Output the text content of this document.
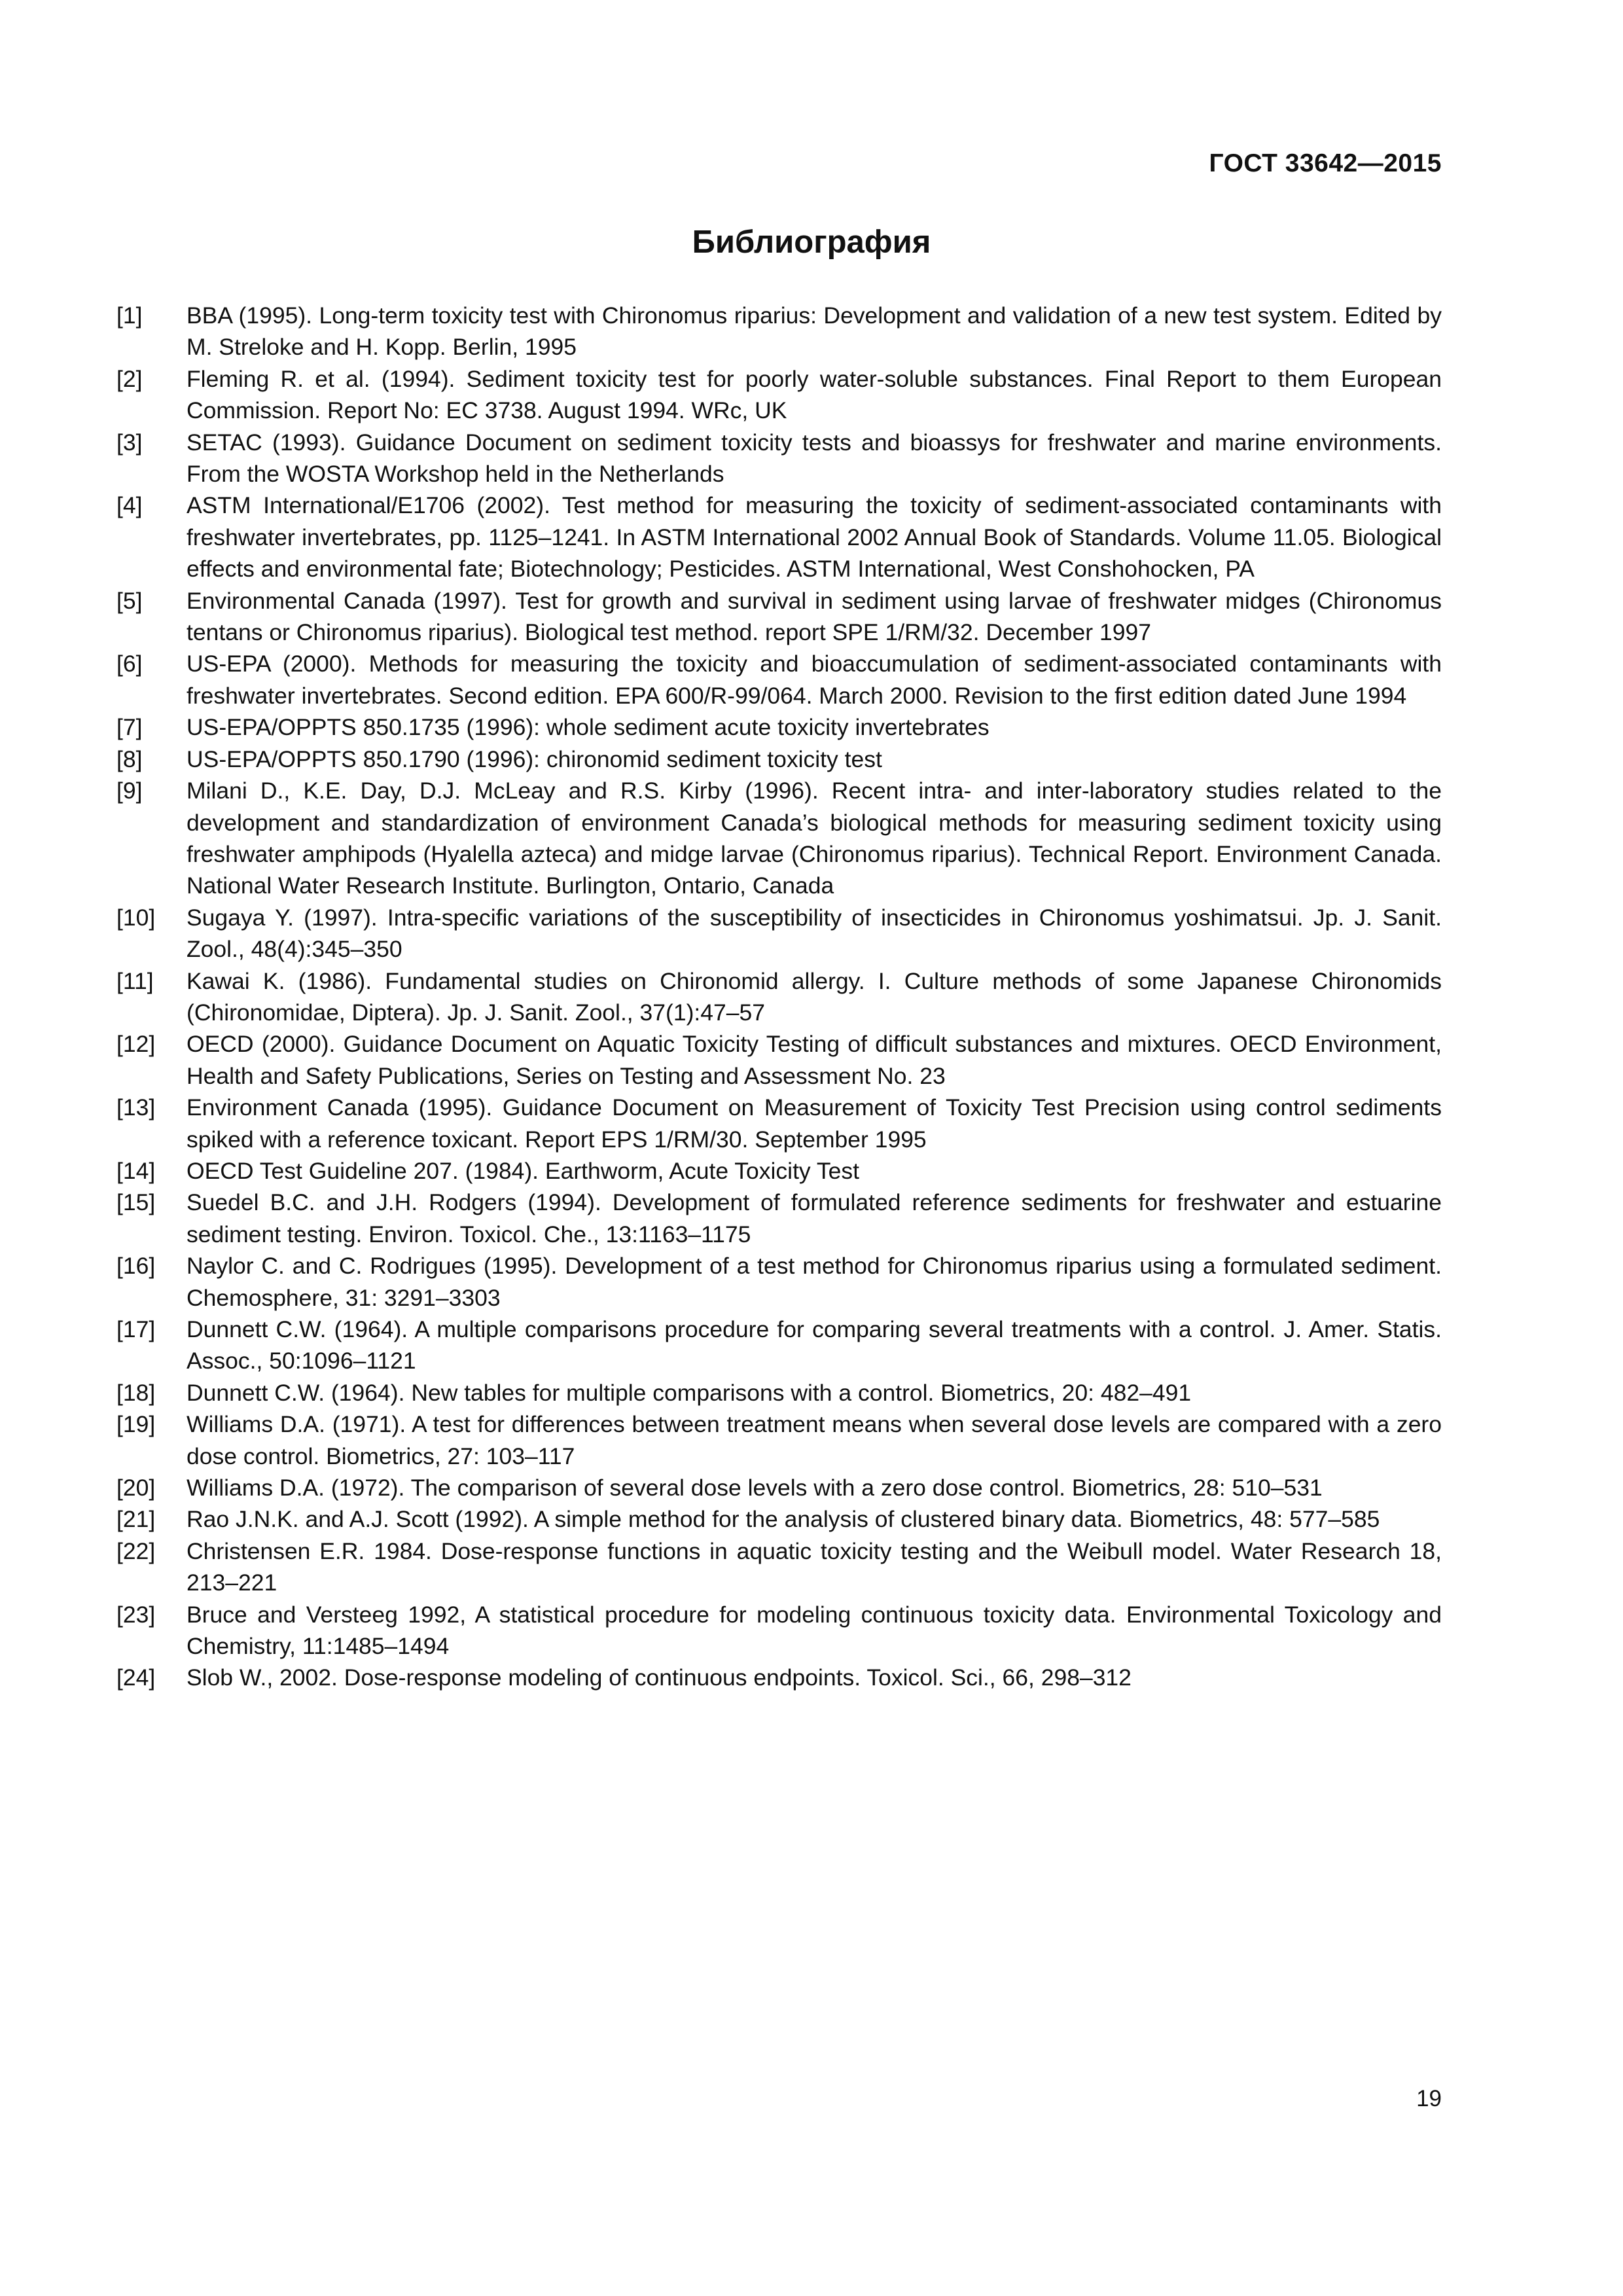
ГОСТ 33642—2015
Библиография
[1] BBA (1995). Long-term toxicity test with Chironomus riparius: Development and validation of a new test system. Edited by M. Streloke and H. Kopp. Berlin, 1995
[2] Fleming R. et al. (1994). Sediment toxicity test for poorly water-soluble substances. Final Report to them European Commission. Report No: EC 3738. August 1994. WRc, UK
[3] SETAC (1993). Guidance Document on sediment toxicity tests and bioassys for freshwater and marine environments. From the WOSTA Workshop held in the Netherlands
[4] ASTM International/E1706 (2002). Test method for measuring the toxicity of sediment-associated contaminants with freshwater invertebrates, pp. 1125–1241. In ASTM International 2002 Annual Book of Standards. Volume 11.05. Biological effects and environmental fate; Biotechnology; Pesticides. ASTM International, West Conshohocken, PA
[5] Environmental Canada (1997). Test for growth and survival in sediment using larvae of freshwater midges (Chironomus tentans or Chironomus riparius). Biological test method. report SPE 1/RM/32. December 1997
[6] US-EPA (2000). Methods for measuring the toxicity and bioaccumulation of sediment-associated contaminants with freshwater invertebrates. Second edition. EPA 600/R-99/064. March 2000. Revision to the first edition dated June 1994
[7] US-EPA/OPPTS 850.1735 (1996): whole sediment acute toxicity invertebrates
[8] US-EPA/OPPTS 850.1790 (1996): chironomid sediment toxicity test
[9] Milani D., K.E. Day, D.J. McLeay and R.S. Kirby (1996). Recent intra- and inter-laboratory studies related to the development and standardization of environment Canada’s biological methods for measuring sediment toxicity using freshwater amphipods (Hyalella azteca) and midge larvae (Chironomus riparius). Technical Report. Environment Canada. National Water Research Institute. Burlington, Ontario, Canada
[10] Sugaya Y. (1997). Intra-specific variations of the susceptibility of insecticides in Chironomus yoshimatsui. Jp. J. Sanit. Zool., 48(4):345–350
[11] Kawai K. (1986). Fundamental studies on Chironomid allergy. I. Culture methods of some Japanese Chironomids (Chironomidae, Diptera). Jp. J. Sanit. Zool., 37(1):47–57
[12] OECD (2000). Guidance Document on Aquatic Toxicity Testing of difficult substances and mixtures. OECD Environment, Health and Safety Publications, Series on Testing and Assessment No. 23
[13] Environment Canada (1995). Guidance Document on Measurement of Toxicity Test Precision using control sediments spiked with a reference toxicant. Report EPS 1/RM/30. September 1995
[14] OECD Test Guideline 207. (1984). Earthworm, Acute Toxicity Test
[15] Suedel B.C. and J.H. Rodgers (1994). Development of formulated reference sediments for freshwater and estuarine sediment testing. Environ. Toxicol. Che., 13:1163–1175
[16] Naylor C. and C. Rodrigues (1995). Development of a test method for Chironomus riparius using a formulated sediment. Chemosphere, 31: 3291–3303
[17] Dunnett C.W. (1964). A multiple comparisons procedure for comparing several treatments with a control. J. Amer. Statis. Assoc., 50:1096–1121
[18] Dunnett C.W. (1964). New tables for multiple comparisons with a control. Biometrics, 20: 482–491
[19] Williams D.A. (1971). A test for differences between treatment means when several dose levels are compared with a zero dose control. Biometrics, 27: 103–117
[20] Williams D.A. (1972). The comparison of several dose levels with a zero dose control. Biometrics, 28: 510–531
[21] Rao J.N.K. and A.J. Scott (1992). A simple method for the analysis of clustered binary data. Biometrics, 48: 577–585
[22] Christensen E.R. 1984. Dose-response functions in aquatic toxicity testing and the Weibull model. Water Research 18, 213–221
[23] Bruce and Versteeg 1992, A statistical procedure for modeling continuous toxicity data. Environmental Toxicology and Chemistry, 11:1485–1494
[24] Slob W., 2002. Dose-response modeling of continuous endpoints. Toxicol. Sci., 66, 298–312
19
